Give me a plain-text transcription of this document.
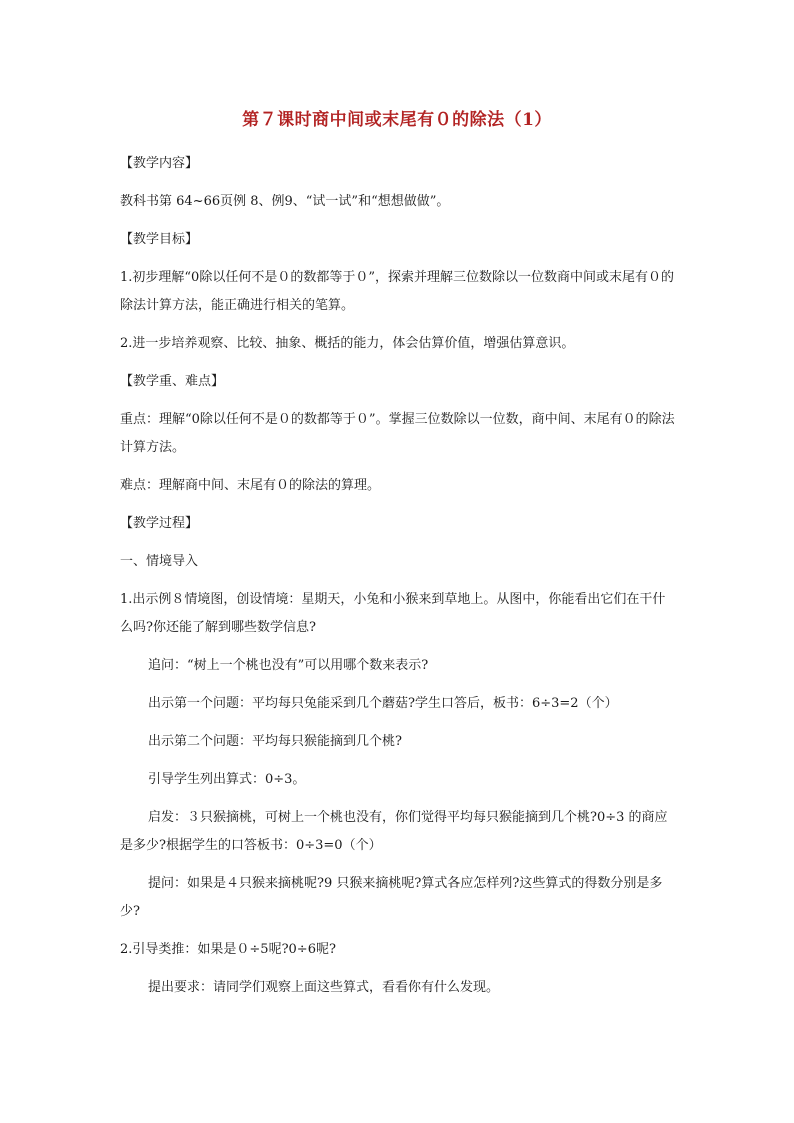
第７课时商中间或末尾有０的除法（1）

【教学内容】

教科书第 64~66页例 8、例9、“试一试”和“想想做做”。

【教学目标】

1.初步理解“0除以任何不是０的数都等于０”，探索并理解三位数除以一位数商中间或末尾有０的除法计算方法，能正确进行相关的笔算。

2.进一步培养观察、比较、抽象、概括的能力，体会估算价值，增强估算意识。

【教学重、难点】

重点：理解“0除以任何不是０的数都等于０”。掌握三位数除以一位数，商中间、末尾有０的除法计算方法。

难点：理解商中间、末尾有０的除法的算理。

【教学过程】

一、情境导入

1.出示例８情境图，创设情境：星期天，小兔和小猴来到草地上。从图中，你能看出它们在干什么吗?你还能了解到哪些数学信息?

追问：“树上一个桃也没有”可以用哪个数来表示?

出示第一个问题：平均每只兔能采到几个蘑菇?学生口答后，板书：6÷3=2（个）

出示第二个问题：平均每只猴能摘到几个桃?

引导学生列出算式：0÷3。

启发：３只猴摘桃，可树上一个桃也没有，你们觉得平均每只猴能摘到几个桃?0÷3 的商应是多少?根据学生的口答板书：0÷3=0（个）

提问：如果是４只猴来摘桃呢?9 只猴来摘桃呢?算式各应怎样列?这些算式的得数分别是多少?

2.引导类推：如果是０÷5呢?0÷6呢?

提出要求：请同学们观察上面这些算式，看看你有什么发现。
